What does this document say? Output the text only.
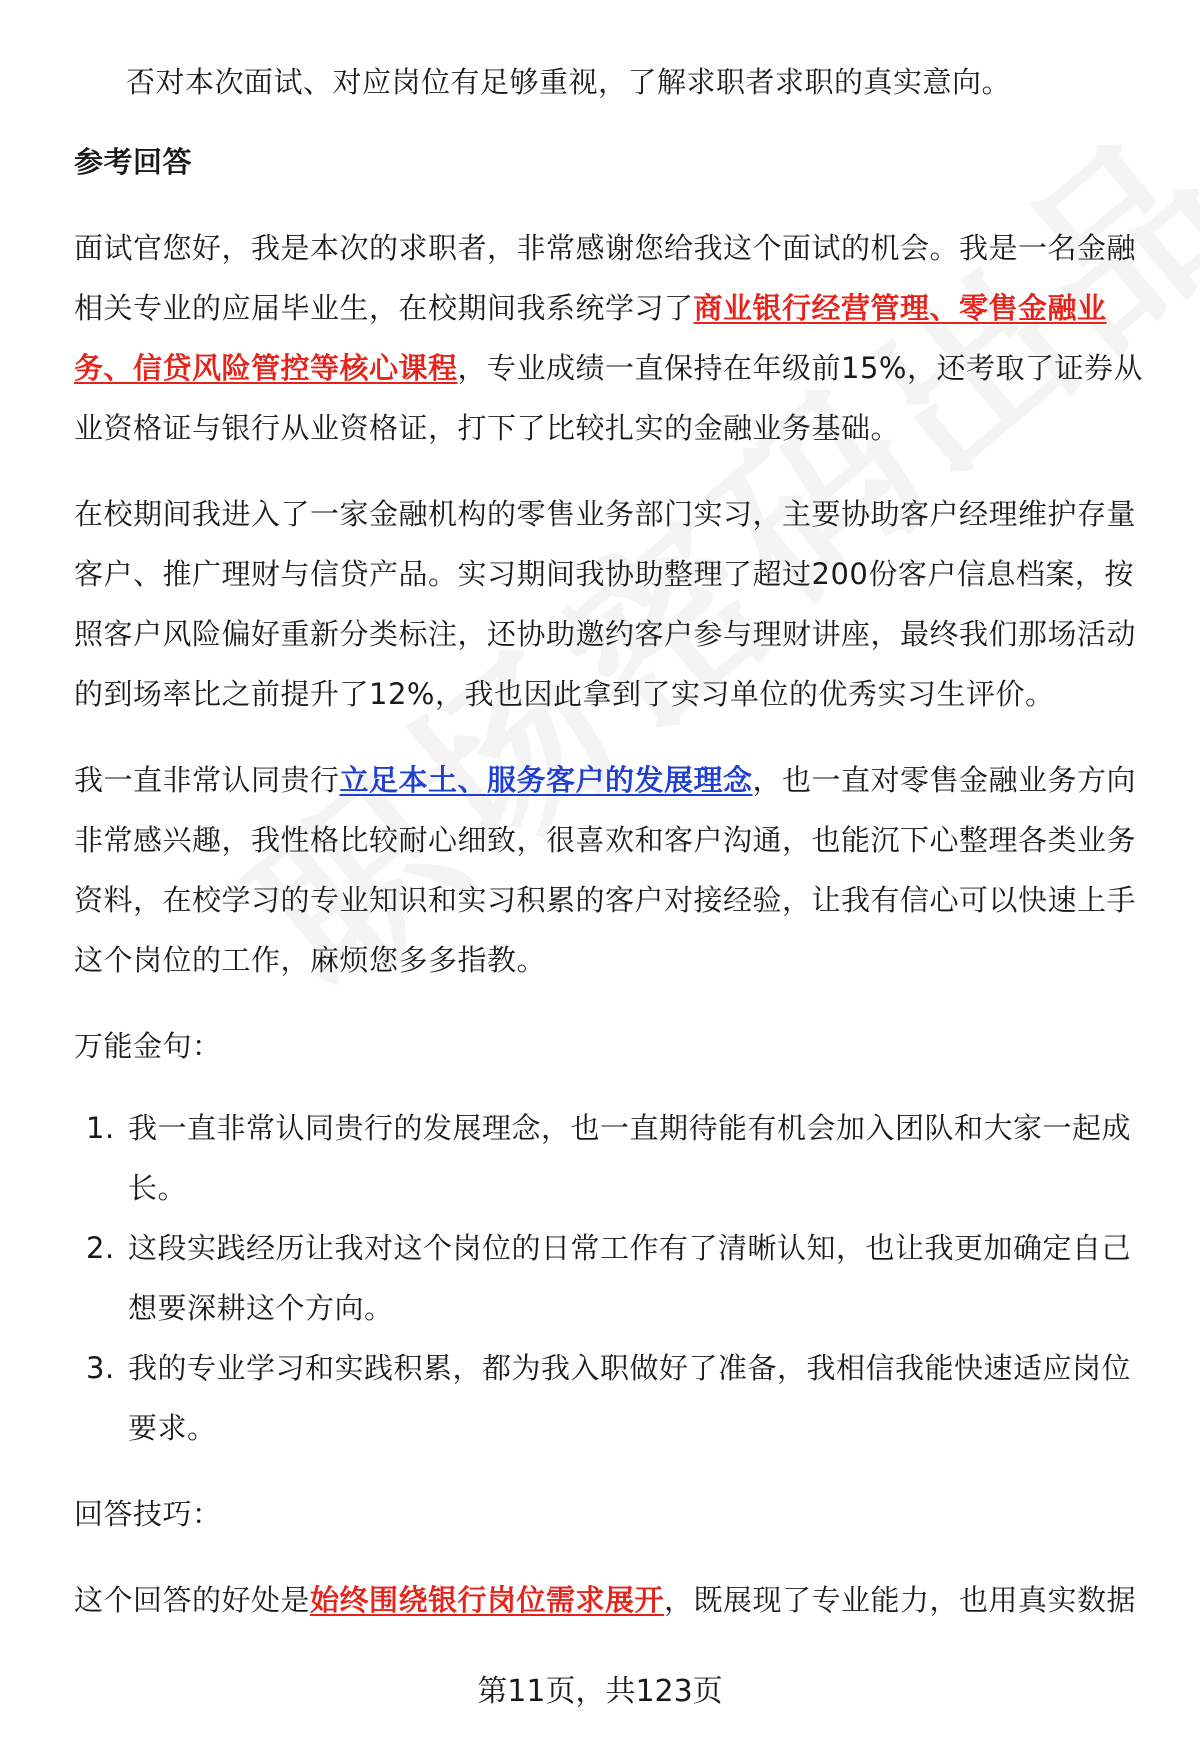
否对本次面试、对应岗位有足够重视，了解求职者求职的真实意向。

参考回答

面试官您好，我是本次的求职者，非常感谢您给我这个面试的机会。我是一名金融相关专业的应届毕业生，在校期间我系统学习了商业银行经营管理、零售金融业务、信贷风险管控等核心课程，专业成绩一直保持在年级前15%，还考取了证券从业资格证与银行从业资格证，打下了比较扎实的金融业务基础。

在校期间我进入了一家金融机构的零售业务部门实习，主要协助客户经理维护存量客户、推广理财与信贷产品。实习期间我协助整理了超过200份客户信息档案，按照客户风险偏好重新分类标注，还协助邀约客户参与理财讲座，最终我们那场活动的到场率比之前提升了12%，我也因此拿到了实习单位的优秀实习生评价。

我一直非常认同贵行立足本土、服务客户的发展理念，也一直对零售金融业务方向非常感兴趣，我性格比较耐心细致，很喜欢和客户沟通，也能沉下心整理各类业务资料，在校学习的专业知识和实习积累的客户对接经验，让我有信心可以快速上手这个岗位的工作，麻烦您多多指教。

万能金句：

1. 我一直非常认同贵行的发展理念，也一直期待能有机会加入团队和大家一起成长。
2. 这段实践经历让我对这个岗位的日常工作有了清晰认知，也让我更加确定自己想要深耕这个方向。
3. 我的专业学习和实践积累，都为我入职做好了准备，我相信我能快速适应岗位要求。

回答技巧：

这个回答的好处是始终围绕银行岗位需求展开，既展现了专业能力，也用真实数据

第11页，共123页
